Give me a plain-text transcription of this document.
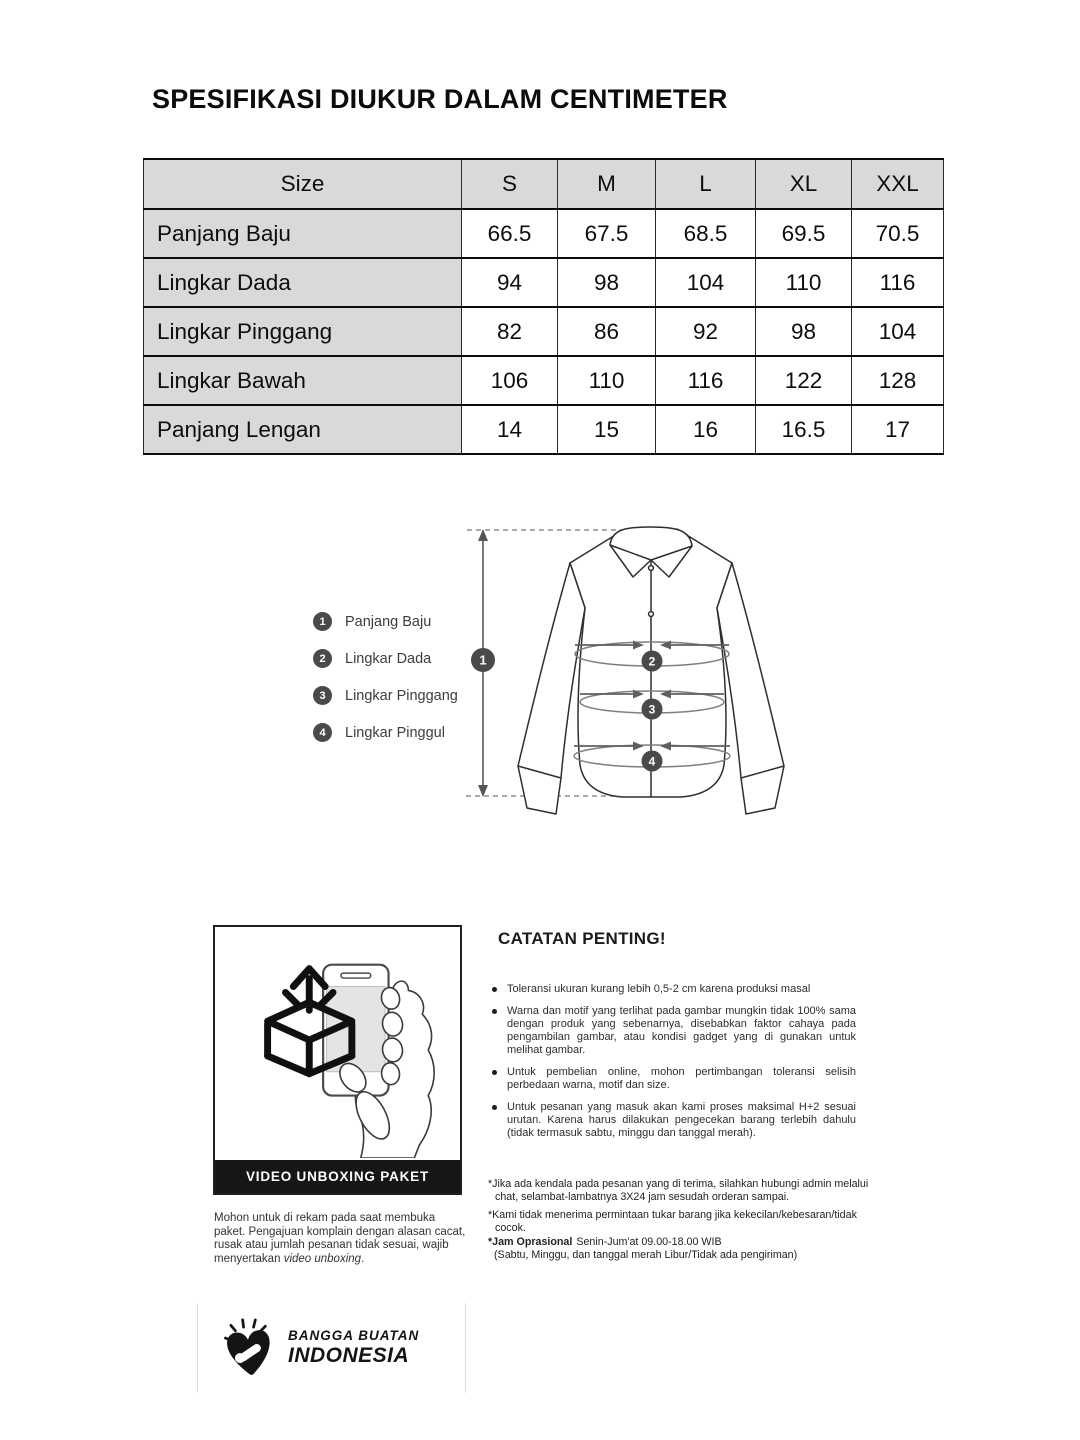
SPESIFIKASI DIUKUR DALAM CENTIMETER
Size	S	M	L	XL	XXL
Panjang Baju	66.5	67.5	68.5	69.5	70.5
Lingkar Dada	94	98	104	110	116
Lingkar Pinggang	82	86	92	98	104
Lingkar Bawah	106	110	116	122	128
Panjang Lengan	14	15	16	16.5	17
1	Panjang Baju
2	Lingkar Dada
3	Lingkar Pinggang
4	Lingkar Pinggul
1	2
3
4
VIDEO UNBOXING PAKET
Mohon untuk di rekam pada saat membuka paket. Pengajuan komplain dengan alasan cacat, rusak atau jumlah pesanan tidak sesuai, wajib menyertakan video unboxing.
CATATAN PENTING!
Toleransi ukuran kurang lebih 0,5-2 cm karena produksi masal
Warna dan motif yang terlihat pada gambar mungkin tidak 100% sama dengan produk yang sebenarnya, disebabkan faktor cahaya pada pengambilan gambar, atau kondisi gadget yang di gunakan untuk melihat gambar.
Untuk pembelian online, mohon pertimbangan toleransi selisih perbedaan warna, motif dan size.
Untuk pesanan yang masuk akan kami proses maksimal H+2 sesuai urutan. Karena harus dilakukan pengecekan barang terlebih dahulu (tidak termasuk sabtu, minggu dan tanggal merah).
*Jika ada kendala pada pesanan yang di terima, silahkan hubungi admin melalui chat, selambat-lambatnya 3X24 jam sesudah orderan sampai.
*Kami tidak menerima permintaan tukar barang jika kekecilan/kebesaran/tidak cocok.
*Jam Oprasional Senin-Jum'at 09.00-18.00 WIB
(Sabtu, Minggu, dan tanggal merah Libur/Tidak ada pengiriman)
BANGGA BUATAN
INDONESIA
